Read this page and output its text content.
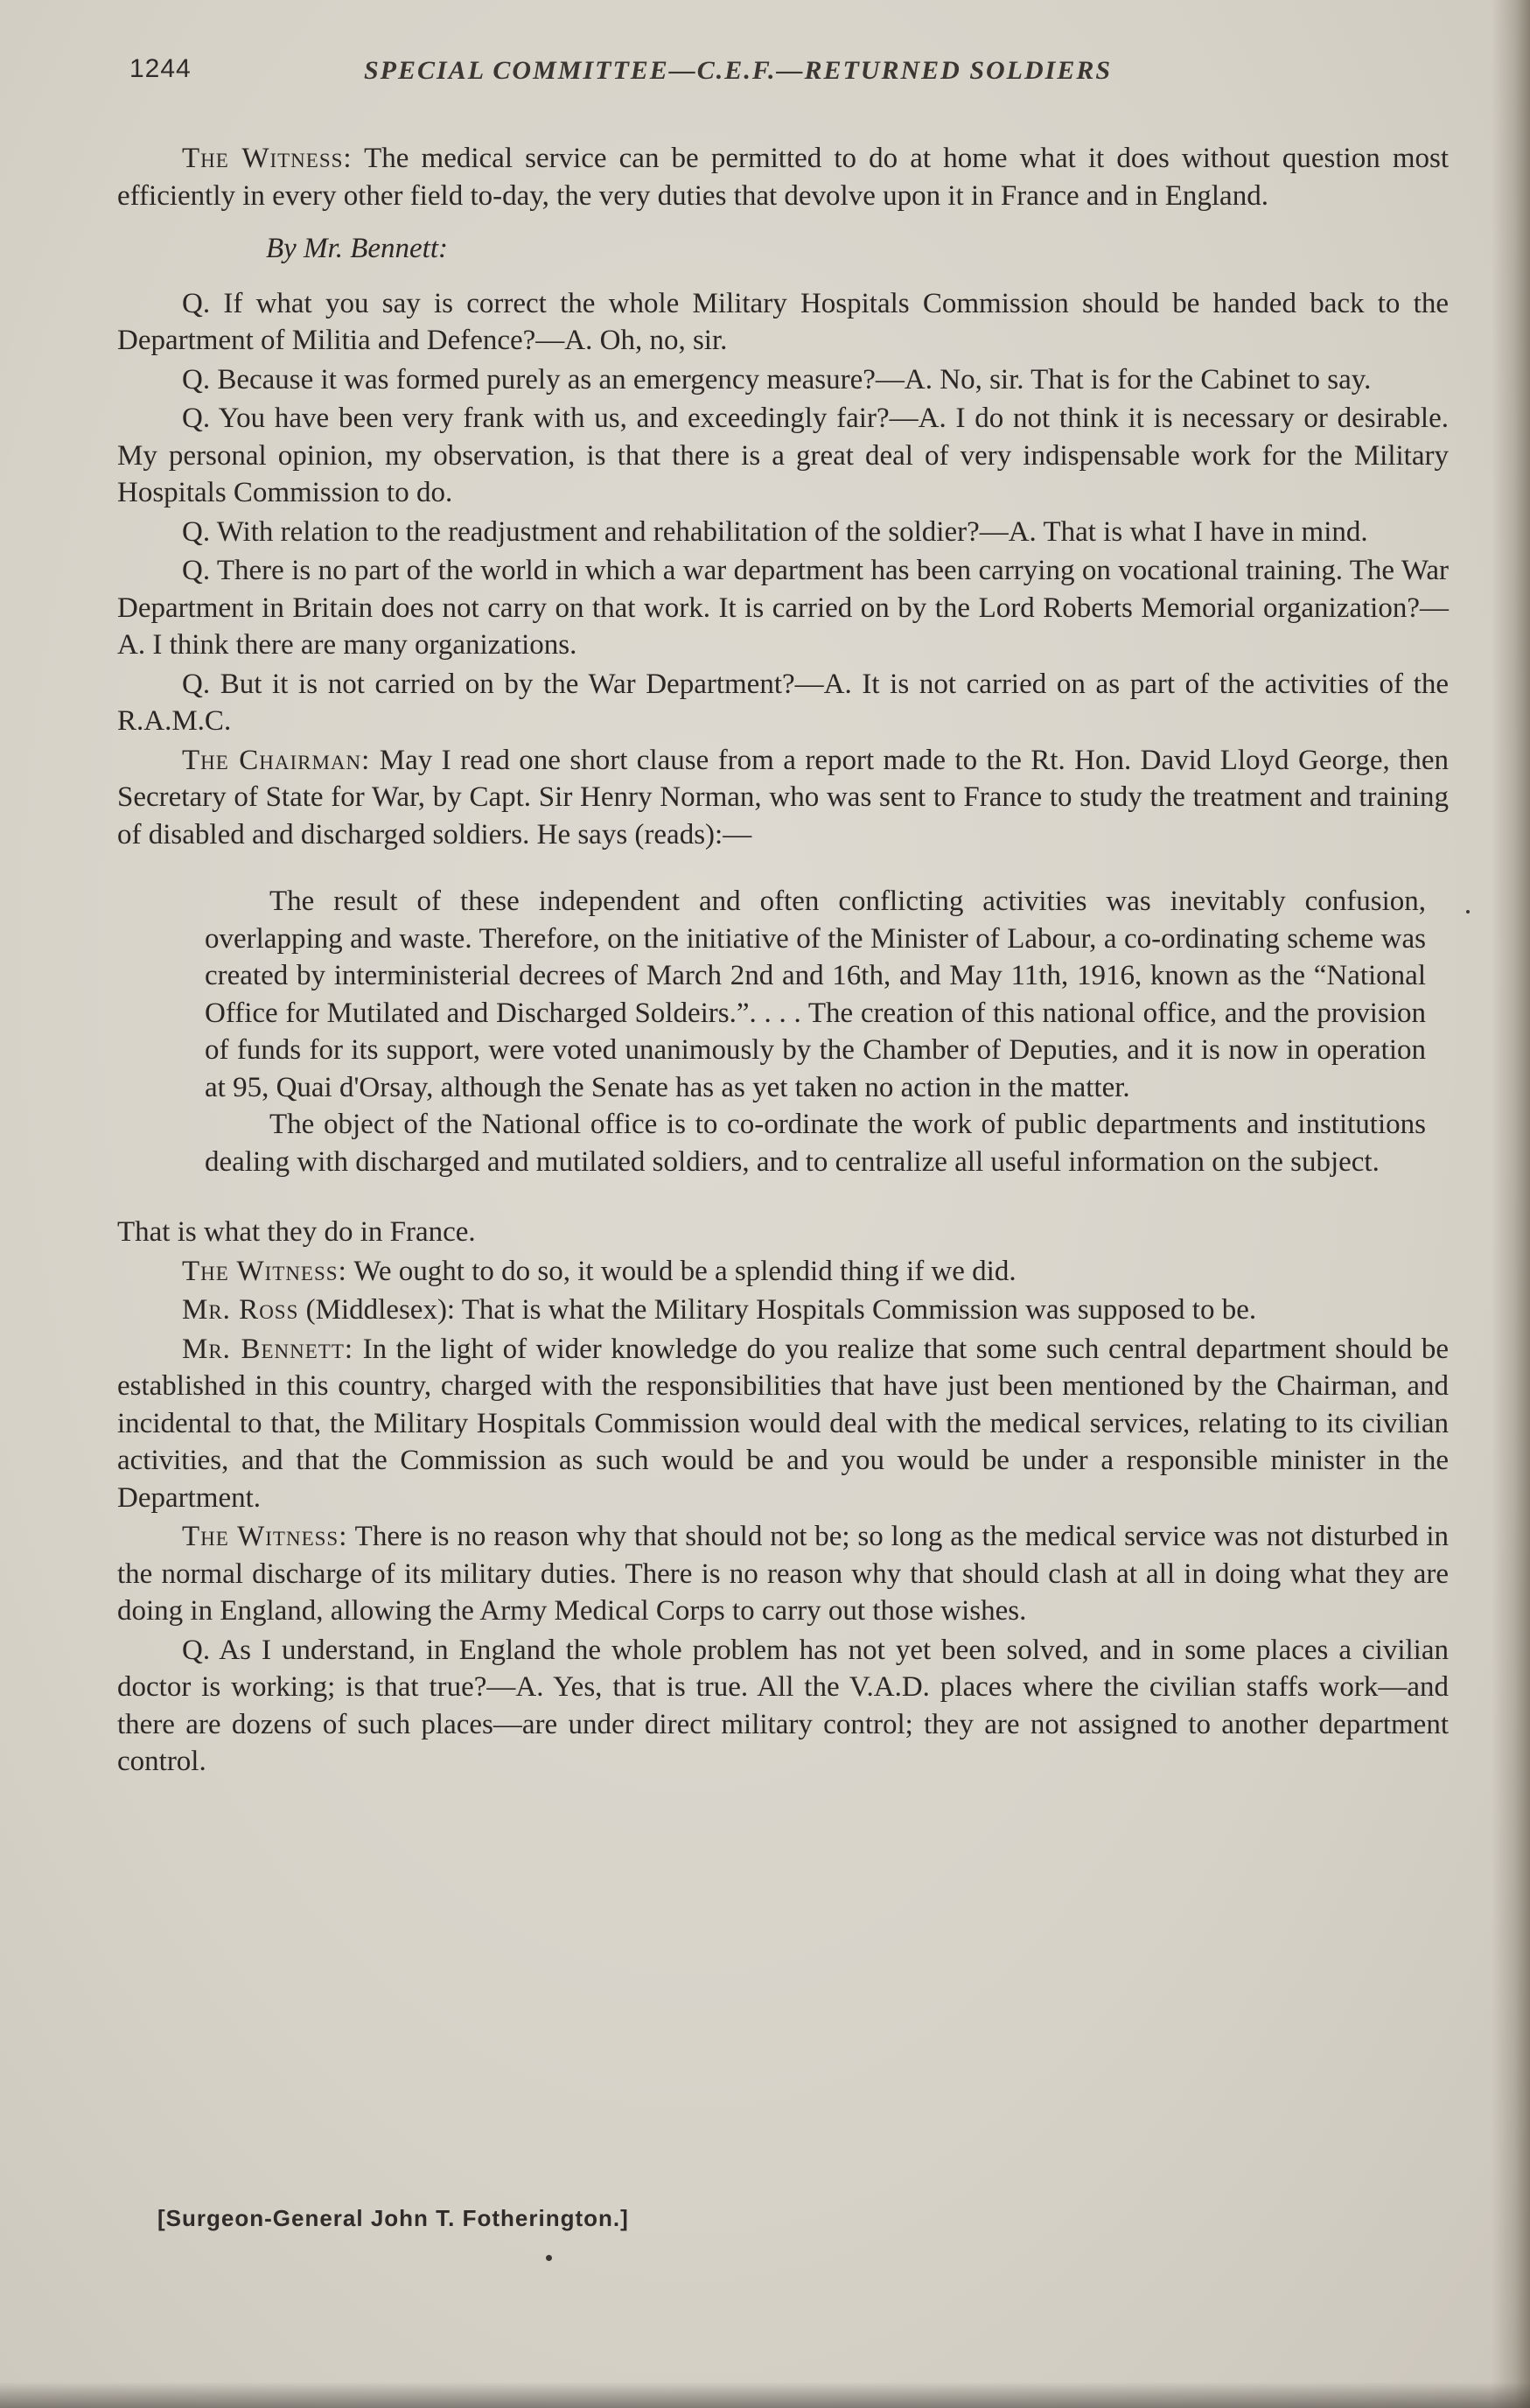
1244	SPECIAL COMMITTEE—C.E.F.—RETURNED SOLDIERS

The Witness: The medical service can be permitted to do at home what it does without question most efficiently in every other field to-day, the very duties that devolve upon it in France and in England.

By Mr. Bennett:

Q. If what you say is correct the whole Military Hospitals Commission should be handed back to the Department of Militia and Defence?—A. Oh, no, sir.

Q. Because it was formed purely as an emergency measure?—A. No, sir. That is for the Cabinet to say.

Q. You have been very frank with us, and exceedingly fair?—A. I do not think it is necessary or desirable. My personal opinion, my observation, is that there is a great deal of very indispensable work for the Military Hospitals Commission to do.

Q. With relation to the readjustment and rehabilitation of the soldier?—A. That is what I have in mind.

Q. There is no part of the world in which a war department has been carrying on vocational training. The War Department in Britain does not carry on that work. It is carried on by the Lord Roberts Memorial organization?—A. I think there are many organizations.

Q. But it is not carried on by the War Department?—A. It is not carried on as part of the activities of the R.A.M.C.

The Chairman: May I read one short clause from a report made to the Rt. Hon. David Lloyd George, then Secretary of State for War, by Capt. Sir Henry Norman, who was sent to France to study the treatment and training of disabled and discharged soldiers. He says (reads):—

The result of these independent and often conflicting activities was inevitably confusion, overlapping and waste. Therefore, on the initiative of the Minister of Labour, a co-ordinating scheme was created by interministerial decrees of March 2nd and 16th, and May 11th, 1916, known as the “National Office for Mutilated and Discharged Soldeirs.”. . . . The creation of this national office, and the provision of funds for its support, were voted unanimously by the Chamber of Deputies, and it is now in operation at 95, Quai d'Orsay, although the Senate has as yet taken no action in the matter.

The object of the National office is to co-ordinate the work of public departments and institutions dealing with discharged and mutilated soldiers, and to centralize all useful information on the subject.

That is what they do in France.

The Witness: We ought to do so, it would be a splendid thing if we did.

Mr. Ross (Middlesex): That is what the Military Hospitals Commission was supposed to be.

Mr. Bennett: In the light of wider knowledge do you realize that some such central department should be established in this country, charged with the responsibilities that have just been mentioned by the Chairman, and incidental to that, the Military Hospitals Commission would deal with the medical services, relating to its civilian activities, and that the Commission as such would be and you would be under a responsible minister in the Department.

The Witness: There is no reason why that should not be; so long as the medical service was not disturbed in the normal discharge of its military duties. There is no reason why that should clash at all in doing what they are doing in England, allowing the Army Medical Corps to carry out those wishes.

Q. As I understand, in England the whole problem has not yet been solved, and in some places a civilian doctor is working; is that true?—A. Yes, that is true. All the V.A.D. places where the civilian staffs work—and there are dozens of such places—are under direct military control; they are not assigned to another department control.

[Surgeon-General John T. Fotherington.]
